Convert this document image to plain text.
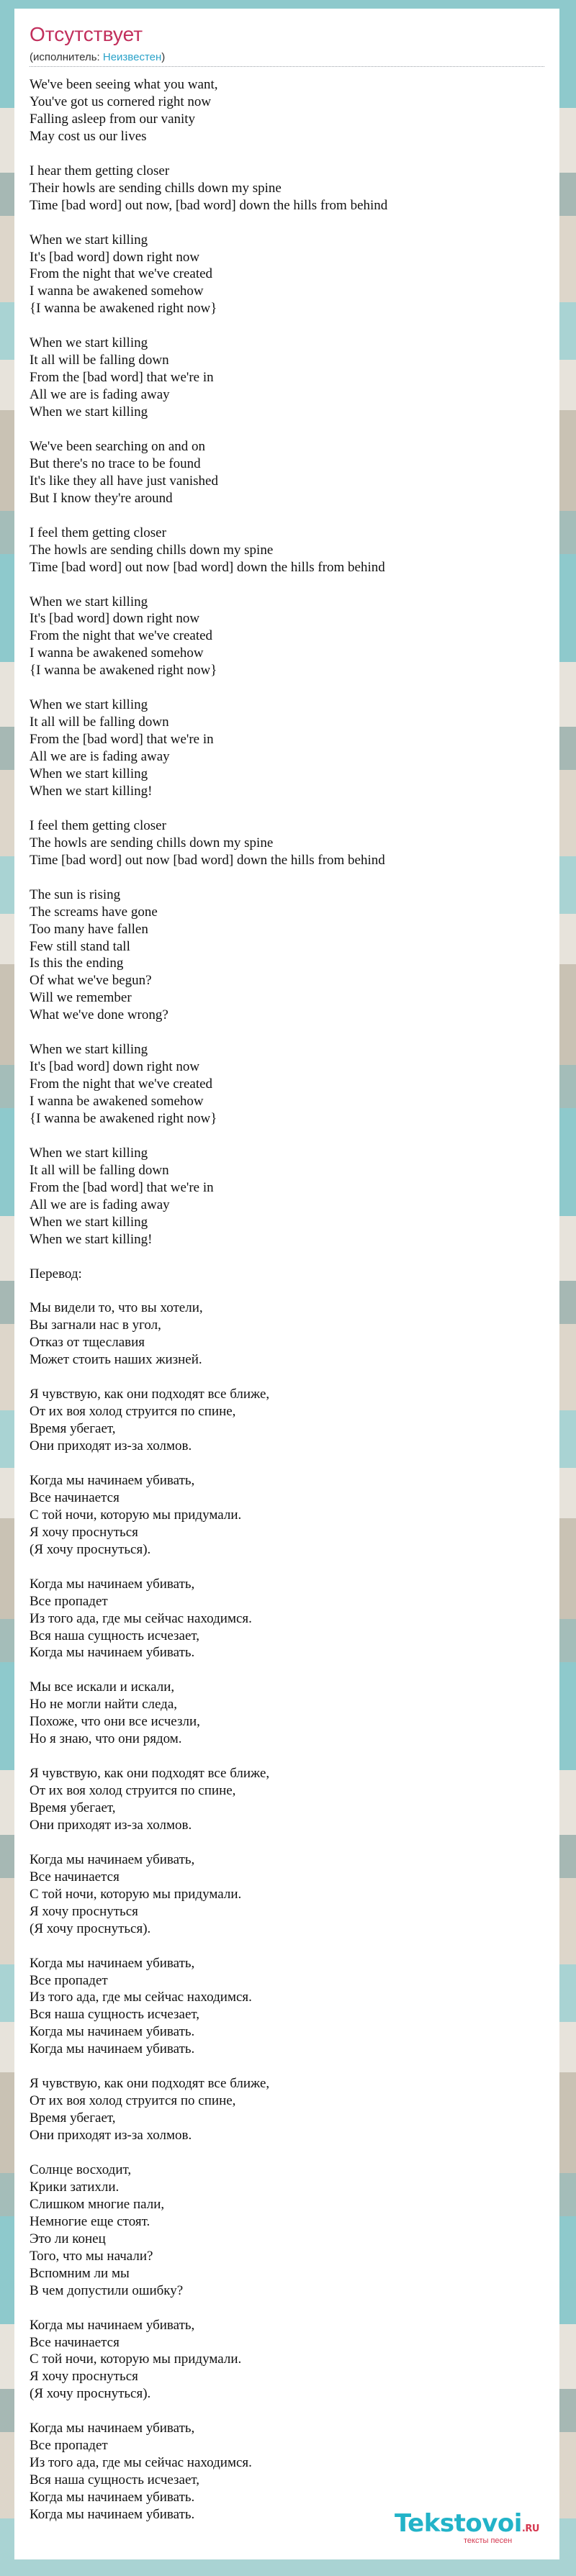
Отсутствует
(исполнитель: Неизвестен)
We've been seeing what you want,
You've got us cornered right now
Falling asleep from our vanity
May cost us our lives
I hear them getting closer
Their howls are sending chills down my spine
Time [bad word] out now, [bad word] down the hills from behind
When we start killing
It's [bad word] down right now
From the night that we've created
I wanna be awakened somehow
{I wanna be awakened right now}
When we start killing
It all will be falling down
From the [bad word] that we're in
All we are is fading away
When we start killing
We've been searching on and on
But there's no trace to be found
It's like they all have just vanished
But I know they're around
I feel them getting closer
The howls are sending chills down my spine
Time [bad word] out now [bad word] down the hills from behind
When we start killing
It's [bad word] down right now
From the night that we've created
I wanna be awakened somehow
{I wanna be awakened right now}
When we start killing
It all will be falling down
From the [bad word] that we're in
All we are is fading away
When we start killing
When we start killing!
I feel them getting closer
The howls are sending chills down my spine
Time [bad word] out now [bad word] down the hills from behind
The sun is rising
The screams have gone
Too many have fallen
Few still stand tall
Is this the ending
Of what we've begun?
Will we remember
What we've done wrong?
When we start killing
It's [bad word] down right now
From the night that we've created
I wanna be awakened somehow
{I wanna be awakened right now}
When we start killing
It all will be falling down
From the [bad word] that we're in
All we are is fading away
When we start killing
When we start killing!
Перевод:
Мы видели то, что вы хотели,
Вы загнали нас в угол,
Отказ от тщеславия
Может стоить наших жизней.
Я чувствую, как они подходят все ближе,
От их воя холод струится по спине,
Время убегает,
Они приходят из-за холмов.
Когда мы начинаем убивать,
Все начинается
С той ночи, которую мы придумали.
Я хочу проснуться
(Я хочу проснуться).
Когда мы начинаем убивать,
Все пропадет
Из того ада, где мы сейчас находимся.
Вся наша сущность исчезает,
Когда мы начинаем убивать.
Мы все искали и искали,
Но не могли найти следа,
Похоже, что они все исчезли,
Но я знаю, что они рядом.
Я чувствую, как они подходят все ближе,
От их воя холод струится по спине,
Время убегает,
Они приходят из-за холмов.
Когда мы начинаем убивать,
Все начинается
С той ночи, которую мы придумали.
Я хочу проснуться
(Я хочу проснуться).
Когда мы начинаем убивать,
Все пропадет
Из того ада, где мы сейчас находимся.
Вся наша сущность исчезает,
Когда мы начинаем убивать.
Когда мы начинаем убивать.
Я чувствую, как они подходят все ближе,
От их воя холод струится по спине,
Время убегает,
Они приходят из-за холмов.
Солнце восходит,
Крики затихли.
Слишком многие пали,
Немногие еще стоят.
Это ли конец
Того, что мы начали?
Вспомним ли мы
В чем допустили ошибку?
Когда мы начинаем убивать,
Все начинается
С той ночи, которую мы придумали.
Я хочу проснуться
(Я хочу проснуться).
Когда мы начинаем убивать,
Все пропадет
Из того ада, где мы сейчас находимся.
Вся наша сущность исчезает,
Когда мы начинаем убивать.
Когда мы начинаем убивать.	Tekstovoi.RU
тексты песен
